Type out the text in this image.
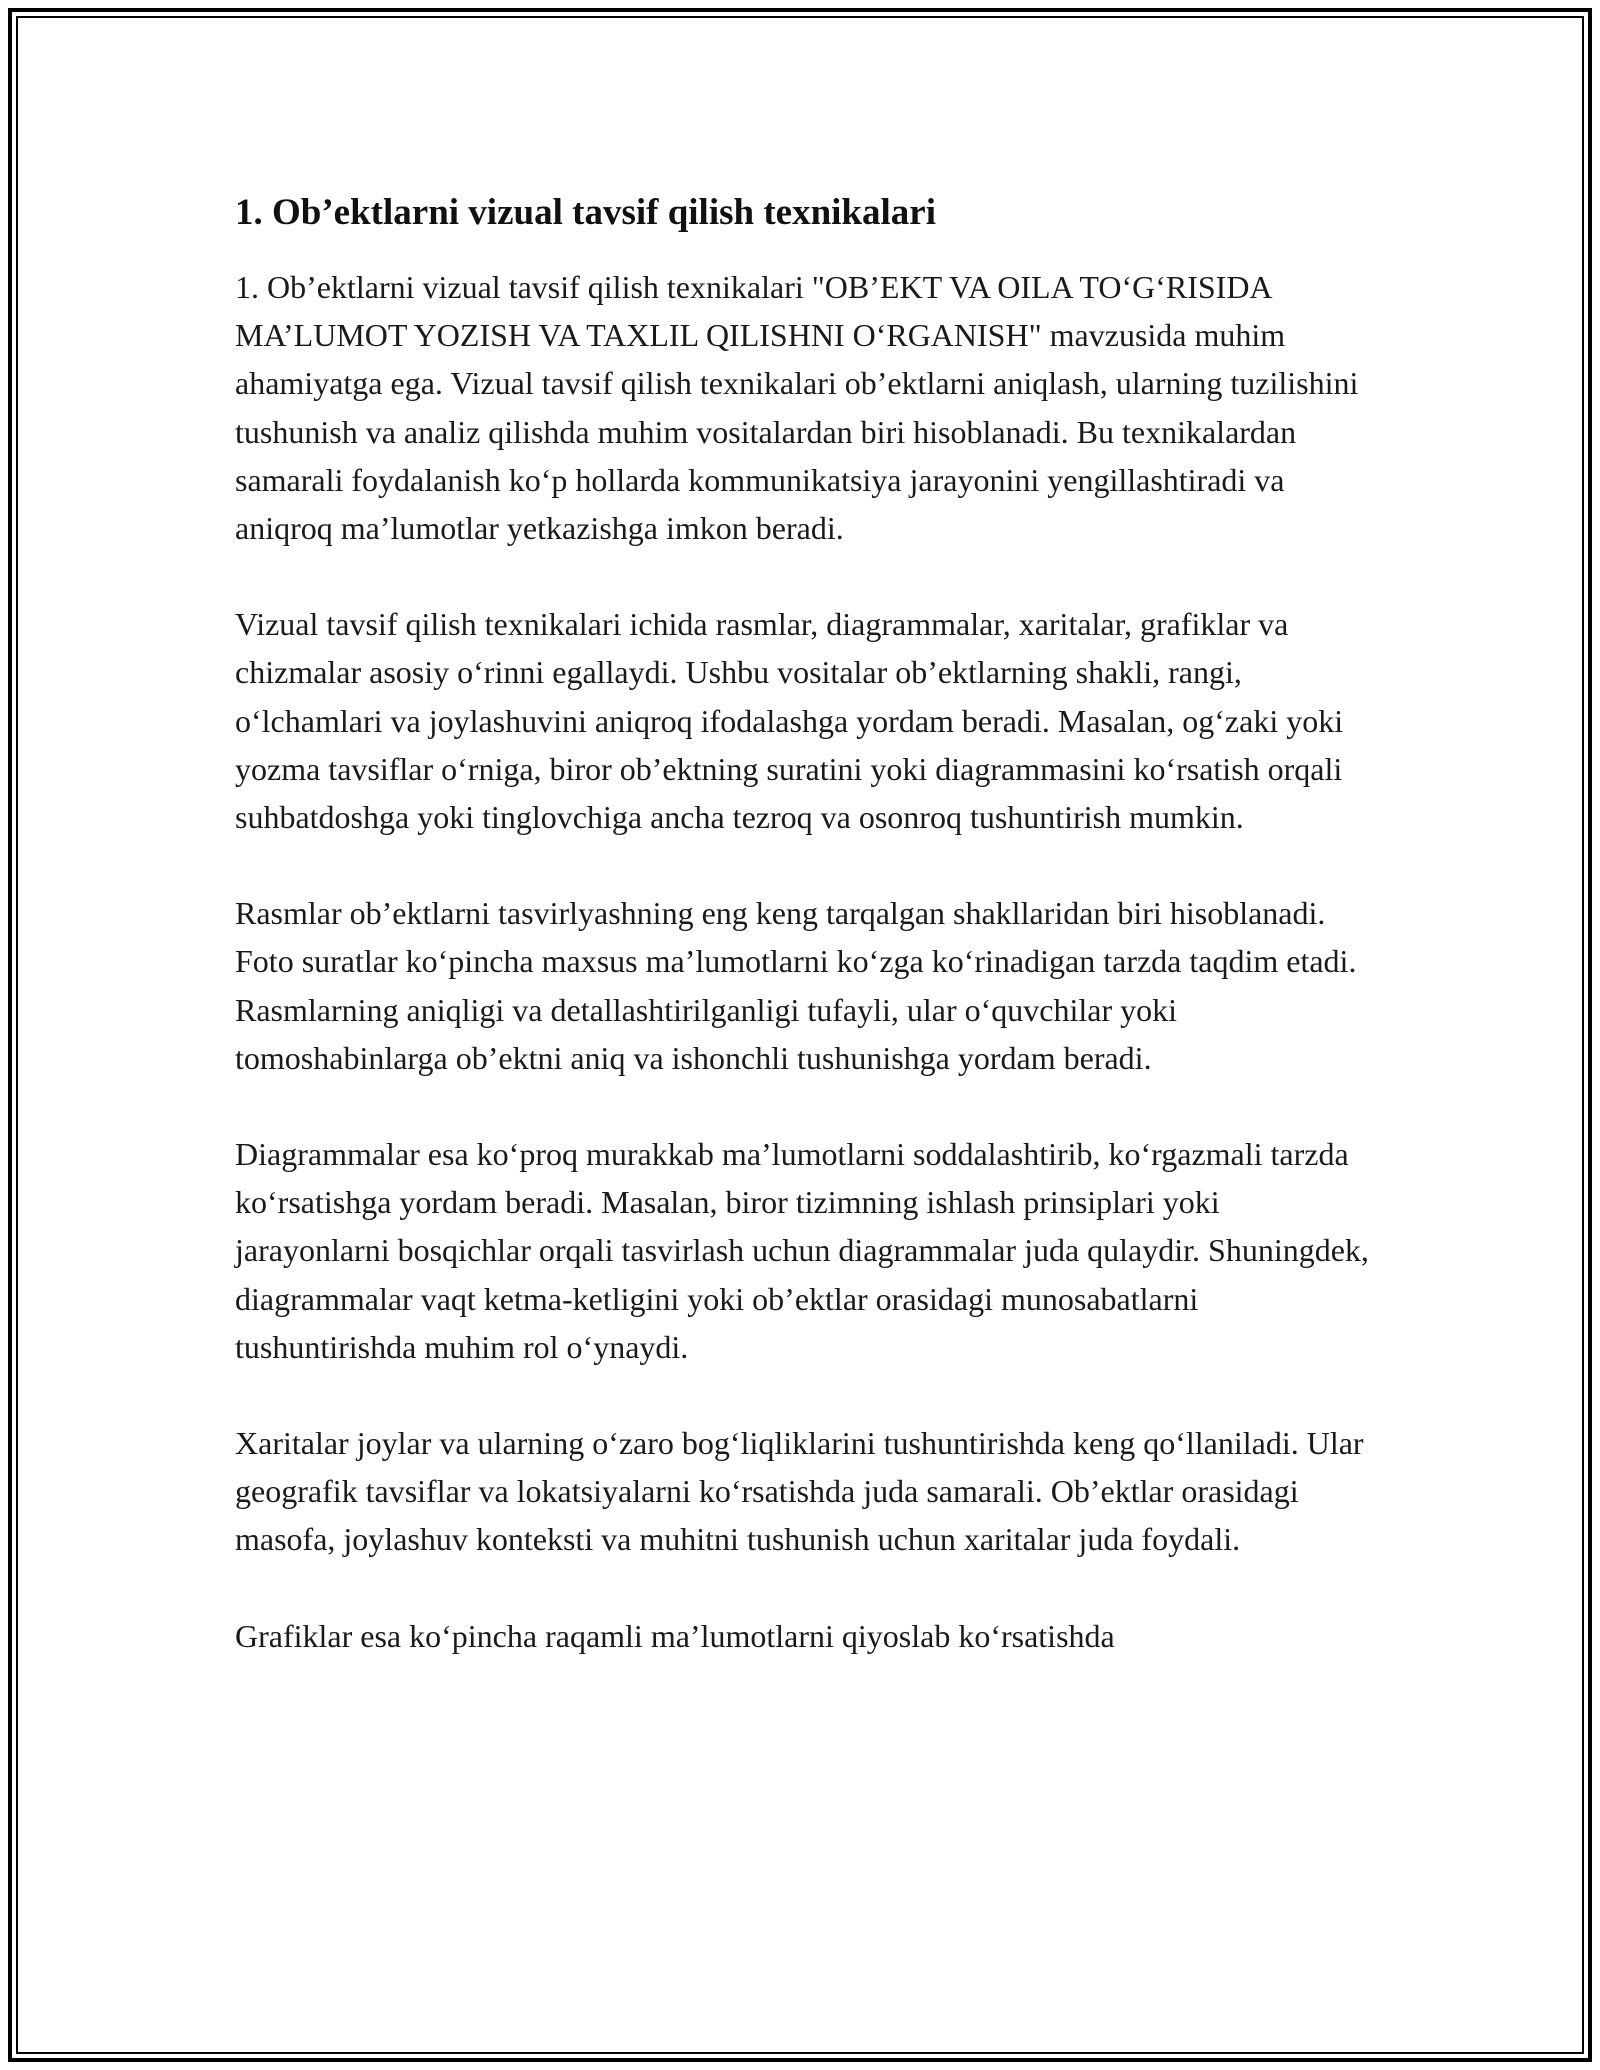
1. Ob’ektlarni vizual tavsif qilish texnikalari

1. Ob’ektlarni vizual tavsif qilish texnikalari "OB’EKT VA OILA TO‘G‘RISIDA MA’LUMOT YOZISH VA TAXLIL QILISHNI O‘RGANISH" mavzusida muhim ahamiyatga ega. Vizual tavsif qilish texnikalari ob’ektlarni aniqlash, ularning tuzilishini tushunish va analiz qilishda muhim vositalardan biri hisoblanadi. Bu texnikalardan samarali foydalanish ko‘p hollarda kommunikatsiya jarayonini yengillashtiradi va aniqroq ma’lumotlar yetkazishga imkon beradi.

Vizual tavsif qilish texnikalari ichida rasmlar, diagrammalar, xaritalar, grafiklar va chizmalar asosiy o‘rinni egallaydi. Ushbu vositalar ob’ektlarning shakli, rangi, o‘lchamlari va joylashuvini aniqroq ifodalashga yordam beradi. Masalan, og‘zaki yoki yozma tavsiflar o‘rniga, biror ob’ektning suratini yoki diagrammasini ko‘rsatish orqali suhbatdoshga yoki tinglovchiga ancha tezroq va osonroq tushuntirish mumkin.

Rasmlar ob’ektlarni tasvirlyashning eng keng tarqalgan shakllaridan biri hisoblanadi. Foto suratlar ko‘pincha maxsus ma’lumotlarni ko‘zga ko‘rinadigan tarzda taqdim etadi. Rasmlarning aniqligi va detallashtirilganligi tufayli, ular o‘quvchilar yoki tomoshabinlarga ob’ektni aniq va ishonchli tushunishga yordam beradi.

Diagrammalar esa ko‘proq murakkab ma’lumotlarni soddalashtirib, ko‘rgazmali tarzda ko‘rsatishga yordam beradi. Masalan, biror tizimning ishlash prinsiplari yoki jarayonlarni bosqichlar orqali tasvirlash uchun diagrammalar juda qulaydir. Shuningdek, diagrammalar vaqt ketma-ketligini yoki ob’ektlar orasidagi munosabatlarni tushuntirishda muhim rol o‘ynaydi.

Xaritalar joylar va ularning o‘zaro bog‘liqliklarini tushuntirishda keng qo‘llaniladi. Ular geografik tavsiflar va lokatsiyalarni ko‘rsatishda juda samarali. Ob’ektlar orasidagi masofa, joylashuv konteksti va muhitni tushunish uchun xaritalar juda foydali.

Grafiklar esa ko‘pincha raqamli ma’lumotlarni qiyoslab ko‘rsatishda
